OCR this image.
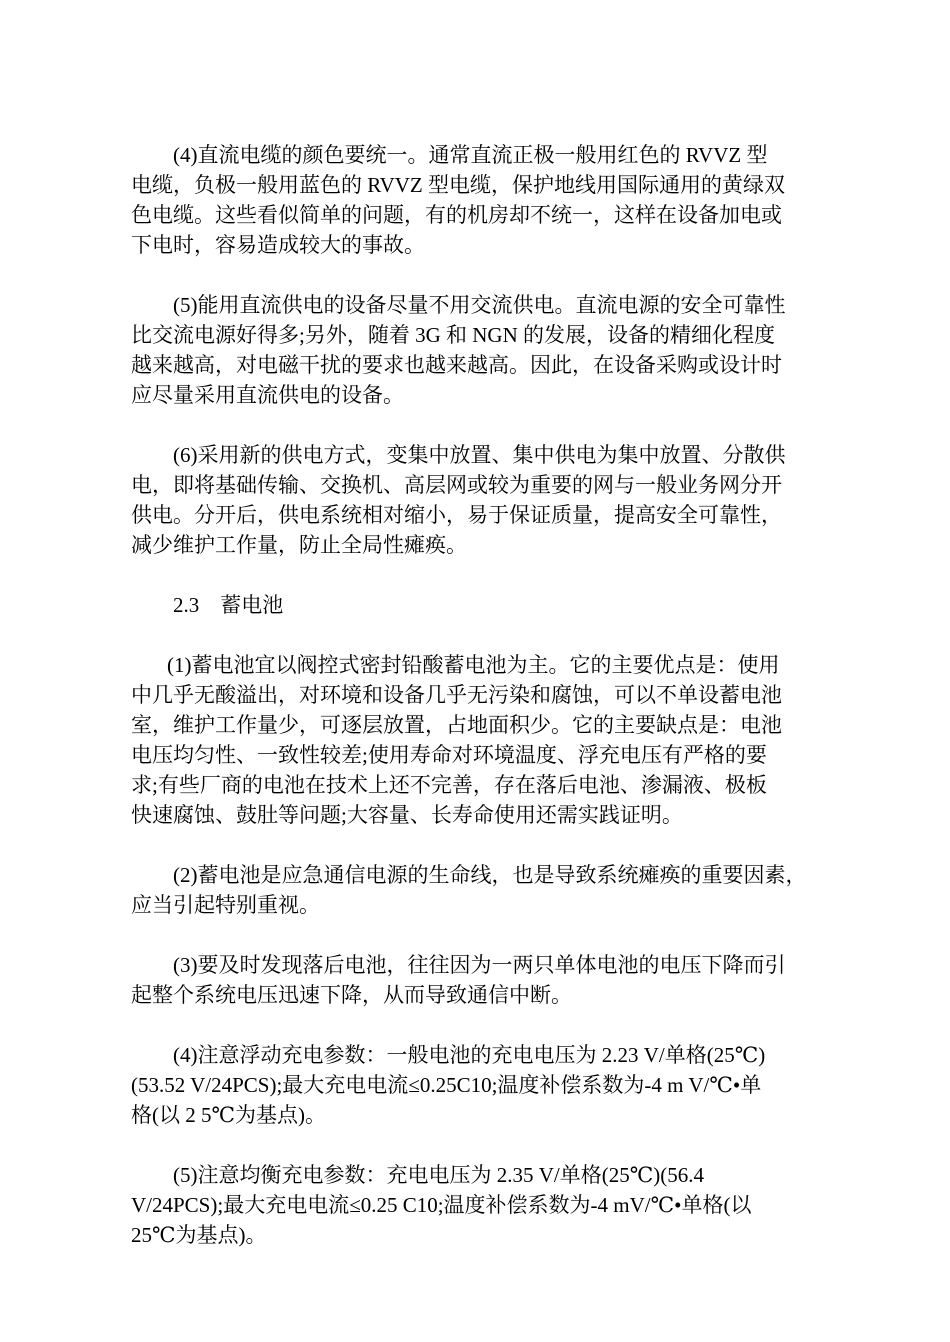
(4)直流电缆的颜色要统一。通常直流正极一般用红色的 RVVZ 型
电缆，负极一般用蓝色的 RVVZ 型电缆，保护地线用国际通用的黄绿双
色电缆。这些看似简单的问题，有的机房却不统一，这样在设备加电或
下电时，容易造成较大的事故。
(5)能用直流供电的设备尽量不用交流供电。直流电源的安全可靠性
比交流电源好得多;另外，随着 3G 和 NGN 的发展，设备的精细化程度
越来越高，对电磁干扰的要求也越来越高。因此，在设备采购或设计时
应尽量采用直流供电的设备。
(6)采用新的供电方式，变集中放置、集中供电为集中放置、分散供
电，即将基础传输、交换机、高层网或较为重要的网与一般业务网分开
供电。分开后，供电系统相对缩小，易于保证质量，提高安全可靠性，
减少维护工作量，防止全局性瘫痪。
2.3　蓄电池
(1)蓄电池宜以阀控式密封铅酸蓄电池为主。它的主要优点是：使用
中几乎无酸溢出，对环境和设备几乎无污染和腐蚀，可以不单设蓄电池
室，维护工作量少，可逐层放置，占地面积少。它的主要缺点是：电池
电压均匀性、一致性较差;使用寿命对环境温度、浮充电压有严格的要
求;有些厂商的电池在技术上还不完善，存在落后电池、渗漏液、极板
快速腐蚀、鼓肚等问题;大容量、长寿命使用还需实践证明。
(2)蓄电池是应急通信电源的生命线，也是导致系统瘫痪的重要因素，
应当引起特别重视。
(3)要及时发现落后电池，往往因为一两只单体电池的电压下降而引
起整个系统电压迅速下降，从而导致通信中断。
(4)注意浮动充电参数：一般电池的充电电压为 2.23 V/单格(25℃)
(53.52 V/24PCS);最大充电电流≤0.25C10;温度补偿系数为-4 m V/℃•单
格(以 2 5℃为基点)。
(5)注意均衡充电参数：充电电压为 2.35 V/单格(25℃)(56.4
V/24PCS);最大充电电流≤0.25 C10;温度补偿系数为-4 mV/℃•单格(以
25℃为基点)。
